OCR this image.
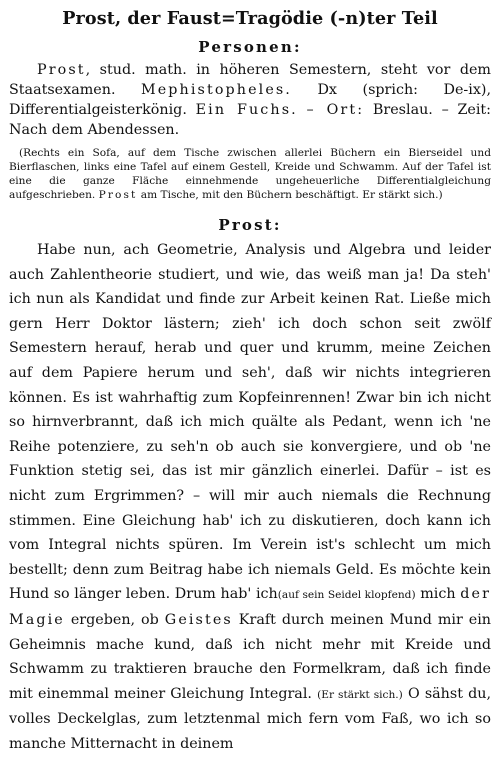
Prost, der Faust=Tragödie (-n)ter Teil
Personen:

Prost, stud. math. in höheren Semestern, steht vor dem Staatsexamen. Mephistopheles. Dx (sprich: De-ix), Differentialgeisterkönig. Ein Fuchs. – Ort: Breslau. – Zeit: Nach dem Abendessen.

(Rechts ein Sofa, auf dem Tische zwischen allerlei Büchern ein Bierseidel und Bierflaschen, links eine Tafel auf einem Gestell, Kreide und Schwamm. Auf der Tafel ist eine die ganze Fläche einnehmende ungeheuerliche Differentialgleichung aufgeschrieben. Prost am Tische, mit den Büchern beschäftigt. Er stärkt sich.)

Prost:

Habe nun, ach Geometrie, Analysis und Algebra und leider auch Zahlentheorie studiert, und wie, das weiß man ja! Da steh' ich nun als Kandidat und finde zur Arbeit keinen Rat. Ließe mich gern Herr Doktor lästern; zieh' ich doch schon seit zwölf Semestern herauf, herab und quer und krumm, meine Zeichen auf dem Papiere herum und seh', daß wir nichts integrieren können. Es ist wahrhaftig zum Kopfeinrennen! Zwar bin ich nicht so hirnverbrannt, daß ich mich quälte als Pedant, wenn ich 'ne Reihe potenziere, zu seh'n ob auch sie konvergiere, und ob 'ne Funktion stetig sei, das ist mir gänzlich einerlei. Dafür – ist es nicht zum Ergrimmen? – will mir auch niemals die Rechnung stimmen. Eine Gleichung hab' ich zu diskutieren, doch kann ich vom Integral nichts spüren. Im Verein ist's schlecht um mich bestellt; denn zum Beitrag habe ich niemals Geld. Es möchte kein Hund so länger leben. Drum hab' ich(auf sein Seidel klopfend) mich der Magie ergeben, ob Geistes Kraft durch meinen Mund mir ein Geheimnis mache kund, daß ich nicht mehr mit Kreide und Schwamm zu traktieren brauche den Formelkram, daß ich finde mit einemmal meiner Gleichung Integral. (Er stärkt sich.) O sähst du, volles Deckelglas, zum letztenmal mich fern vom Faß, wo ich so manche Mitternacht in deinem
